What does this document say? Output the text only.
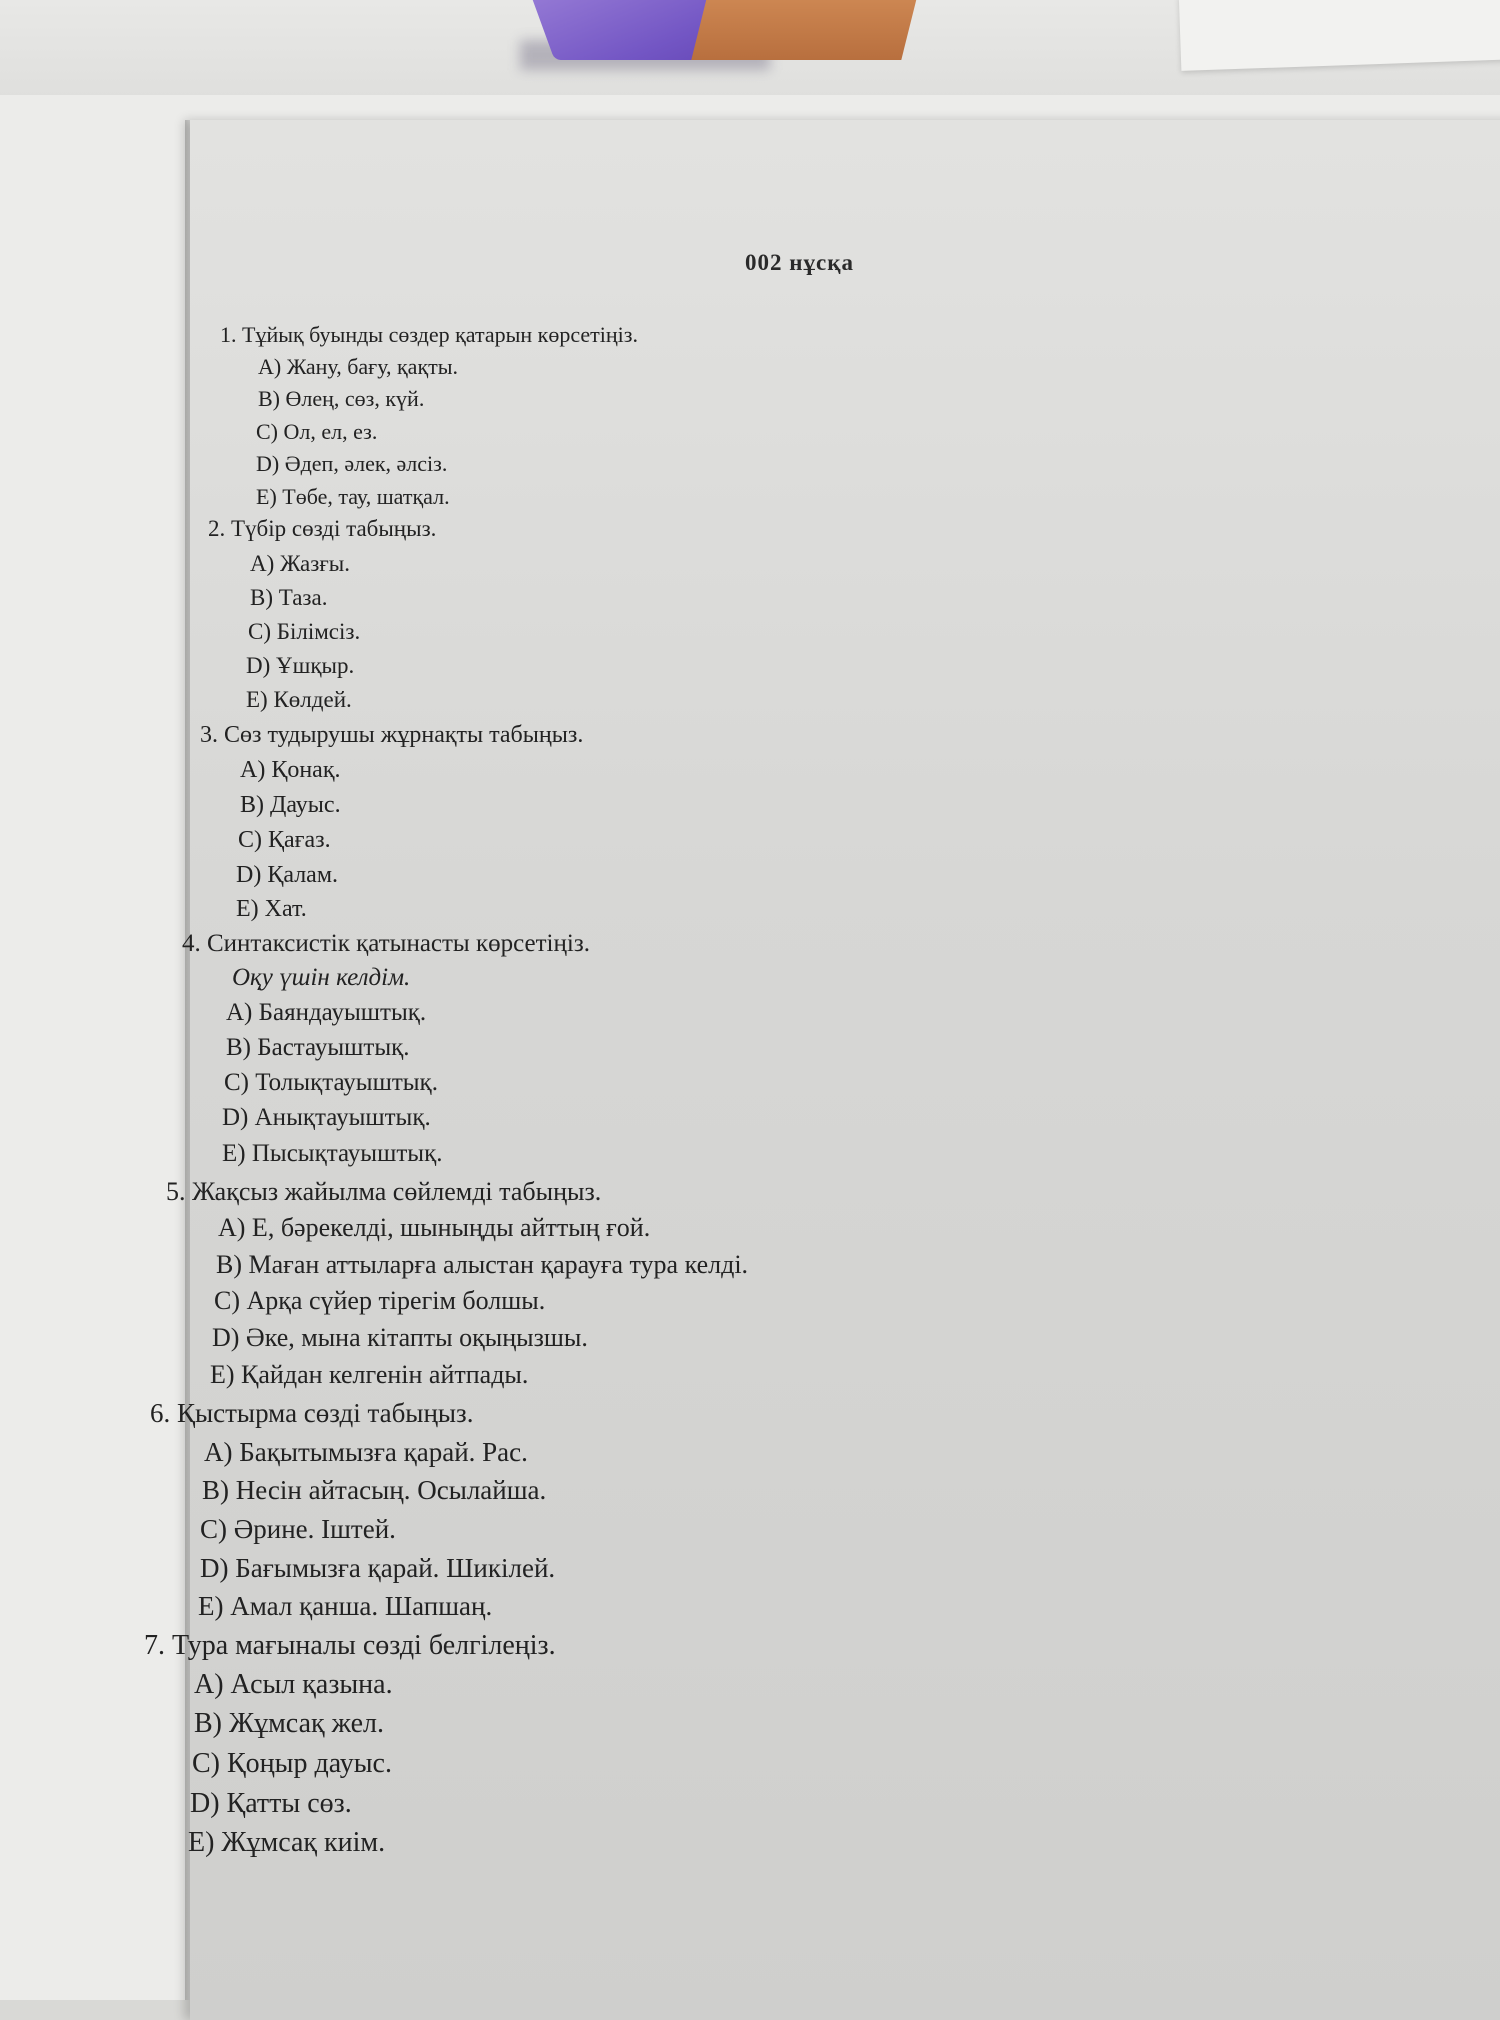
002 нұсқа
1. Тұйық буынды сөздер қатарын көрсетіңіз.
A) Жану, бағу, қақты.
B) Өлең, сөз, күй.
C) Ол, ел, ез.
D) Әдеп, әлек, әлсіз.
E) Төбе, тау, шатқал.
2. Түбір сөзді табыңыз.
A) Жазғы.
B) Таза.
C) Білімсіз.
D) Ұшқыр.
E) Көлдей.
3. Сөз тудырушы жұрнақты табыңыз.
A) Қонақ.
B) Дауыс.
C) Қағаз.
D) Қалам.
E) Хат.
4. Синтаксистік қатынасты көрсетіңіз.
Оқу үшін келдім.
A) Баяндауыштық.
B) Бастауыштық.
C) Толықтауыштық.
D) Анықтауыштық.
E) Пысықтауыштық.
5. Жақсыз жайылма сөйлемді табыңыз.
A) Е, бәрекелді, шыныңды айттың ғой.
B) Маған аттыларға алыстан қарауға тура келді.
C) Арқа сүйер тірегім болшы.
D) Әке, мына кітапты оқыңызшы.
E) Қайдан келгенін айтпады.
6. Қыстырма сөзді табыңыз.
A) Бақытымызға қарай. Рас.
B) Несін айтасың. Осылайша.
C) Әрине. Іштей.
D) Бағымызға қарай. Шикілей.
E) Амал қанша. Шапшаң.
7. Тура мағыналы сөзді белгілеңіз.
A) Асыл қазына.
B) Жұмсақ жел.
C) Қоңыр дауыс.
D) Қатты сөз.
E) Жұмсақ киім.
